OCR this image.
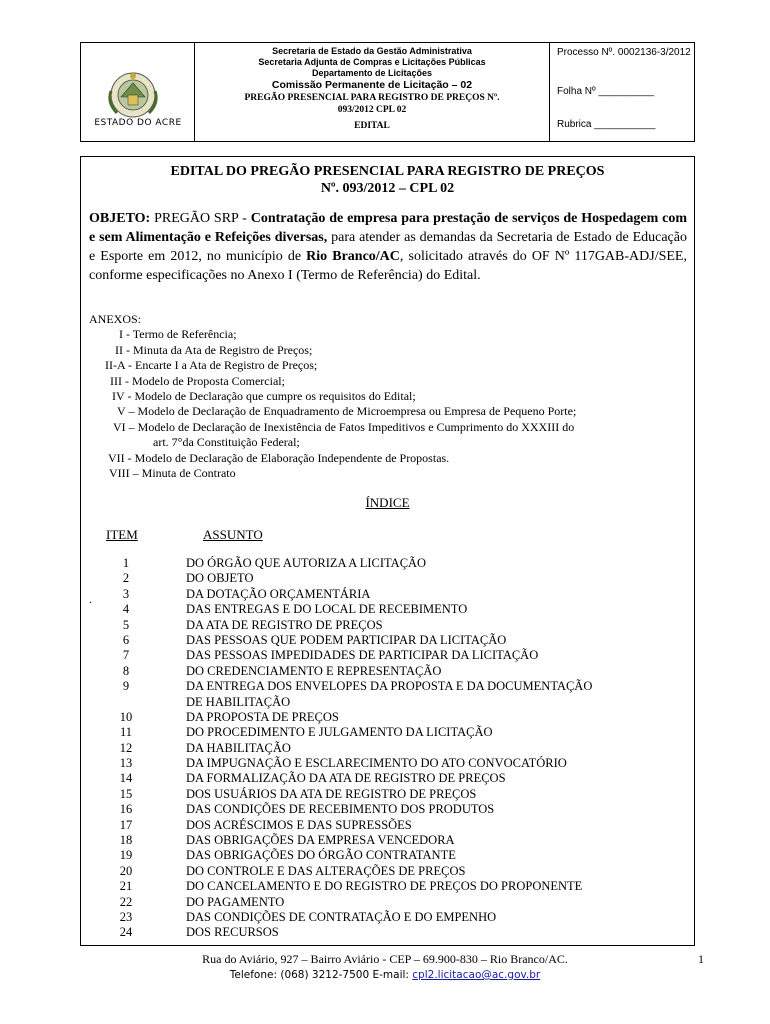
ESTADO DO ACRE
Secretaria de Estado da Gestão Administrativa
Secretaria Adjunta de Compras e Licitações Públicas
Departamento de Licitações
Comissão Permanente de Licitação – 02
PREGÃO PRESENCIAL PARA REGISTRO DE PREÇOS Nº.
093/2012 CPL 02
EDITAL
Processo Nº. 0002136-3/2012
Folha Nº __________
Rubrica ___________
EDITAL DO PREGÃO PRESENCIAL PARA REGISTRO DE PREÇOS
Nº. 093/2012 – CPL 02
OBJETO: PREGÃO SRP - Contratação de empresa para prestação de serviços de Hospedagem com e sem Alimentação e Refeições diversas, para atender as demandas da Secretaria de Estado de Educação e Esporte em 2012, no município de Rio Branco/AC, solicitado através do OF Nº 117GAB-ADJ/SEE, conforme especificações no Anexo I (Termo de Referência) do Edital.
ANEXOS:
I - Termo de Referência;
II - Minuta da Ata de Registro de Preços;
II-A - Encarte I a Ata de Registro de Preços;
III - Modelo de Proposta Comercial;
IV - Modelo de Declaração que cumpre os requisitos do Edital;
V – Modelo de Declaração de Enquadramento de Microempresa ou Empresa de Pequeno Porte;
VI – Modelo de Declaração de Inexistência de Fatos Impeditivos e Cumprimento do XXXIII do
art. 7°da Constituição Federal;
VII - Modelo de Declaração de Elaboração Independente de Propostas.
VIII – Minuta de Contrato
.
ÍNDICE
ITEM	ASSUNTO
1	DO ÓRGÃO QUE AUTORIZA A LICITAÇÃO
2	DO OBJETO
3	DA DOTAÇÃO ORÇAMENTÁRIA
4	DAS ENTREGAS E DO LOCAL DE RECEBIMENTO
5	DA ATA DE REGISTRO DE PREÇOS
6	DAS PESSOAS QUE PODEM PARTICIPAR DA LICITAÇÃO
7	DAS PESSOAS IMPEDIDADES DE PARTICIPAR DA LICITAÇÃO
8	DO CREDENCIAMENTO E REPRESENTAÇÃO
9	DA ENTREGA DOS ENVELOPES DA PROPOSTA E DA DOCUMENTAÇÃO
DE HABILITAÇÃO
10	DA PROPOSTA DE PREÇOS
11	DO PROCEDIMENTO E JULGAMENTO DA LICITAÇÃO
12	DA HABILITAÇÃO
13	DA IMPUGNAÇÃO E ESCLARECIMENTO DO ATO CONVOCATÓRIO
14	DA FORMALIZAÇÃO DA ATA DE REGISTRO DE PREÇOS
15	DOS USUÁRIOS DA ATA DE REGISTRO DE PREÇOS
16	DAS CONDIÇÕES DE RECEBIMENTO DOS PRODUTOS
17	DOS ACRÉSCIMOS E DAS SUPRESSÕES
18	DAS OBRIGAÇÕES DA EMPRESA VENCEDORA
19	DAS OBRIGAÇÕES DO ÓRGÃO CONTRATANTE
20	DO CONTROLE E DAS ALTERAÇÕES DE PREÇOS
21	DO CANCELAMENTO E DO REGISTRO DE PREÇOS DO PROPONENTE
22	DO PAGAMENTO
23	DAS CONDIÇÕES DE CONTRATAÇÃO E DO EMPENHO
24	DOS RECURSOS
Rua do Aviário, 927 – Bairro Aviário - CEP – 69.900-830 – Rio Branco/AC.
Telefone: (068) 3212-7500 E-mail: cpl2.licitacao@ac.gov.br
1
